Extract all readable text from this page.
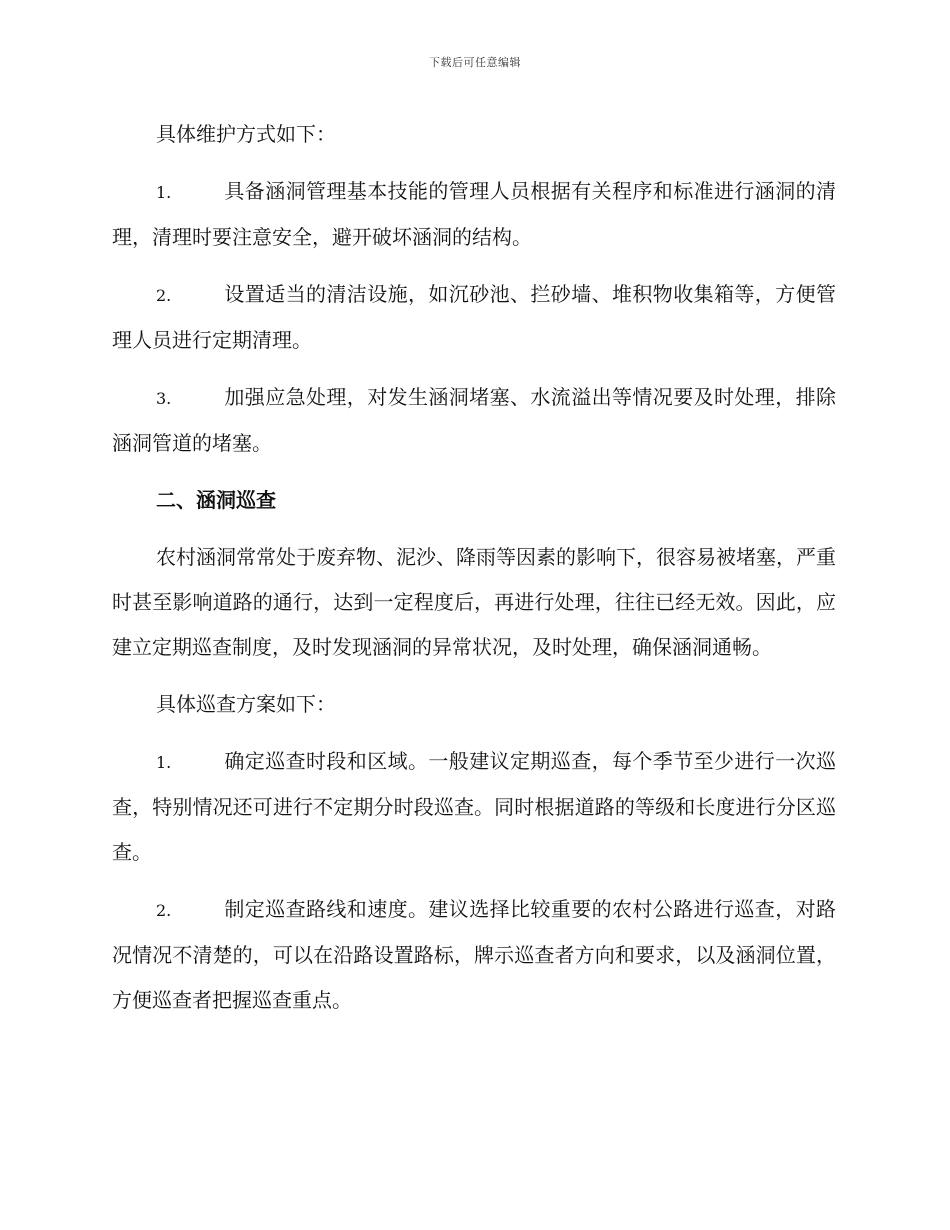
下载后可任意编辑

具体维护方式如下：

1.	具备涵洞管理基本技能的管理人员根据有关程序和标准进行涵洞的清理，清理时要注意安全，避开破坏涵洞的结构。

2.	设置适当的清洁设施，如沉砂池、拦砂墙、堆积物收集箱等，方便管理人员进行定期清理。

3.	加强应急处理，对发生涵洞堵塞、水流溢出等情况要及时处理，排除涵洞管道的堵塞。

二、涵洞巡查

农村涵洞常常处于废弃物、泥沙、降雨等因素的影响下，很容易被堵塞，严重时甚至影响道路的通行，达到一定程度后，再进行处理，往往已经无效。因此，应建立定期巡查制度，及时发现涵洞的异常状况，及时处理，确保涵洞通畅。

具体巡查方案如下：

1.	确定巡查时段和区域。一般建议定期巡查，每个季节至少进行一次巡查，特别情况还可进行不定期分时段巡查。同时根据道路的等级和长度进行分区巡查。

2.	制定巡查路线和速度。建议选择比较重要的农村公路进行巡查，对路况情况不清楚的，可以在沿路设置路标，牌示巡查者方向和要求，以及涵洞位置，方便巡查者把握巡查重点。
